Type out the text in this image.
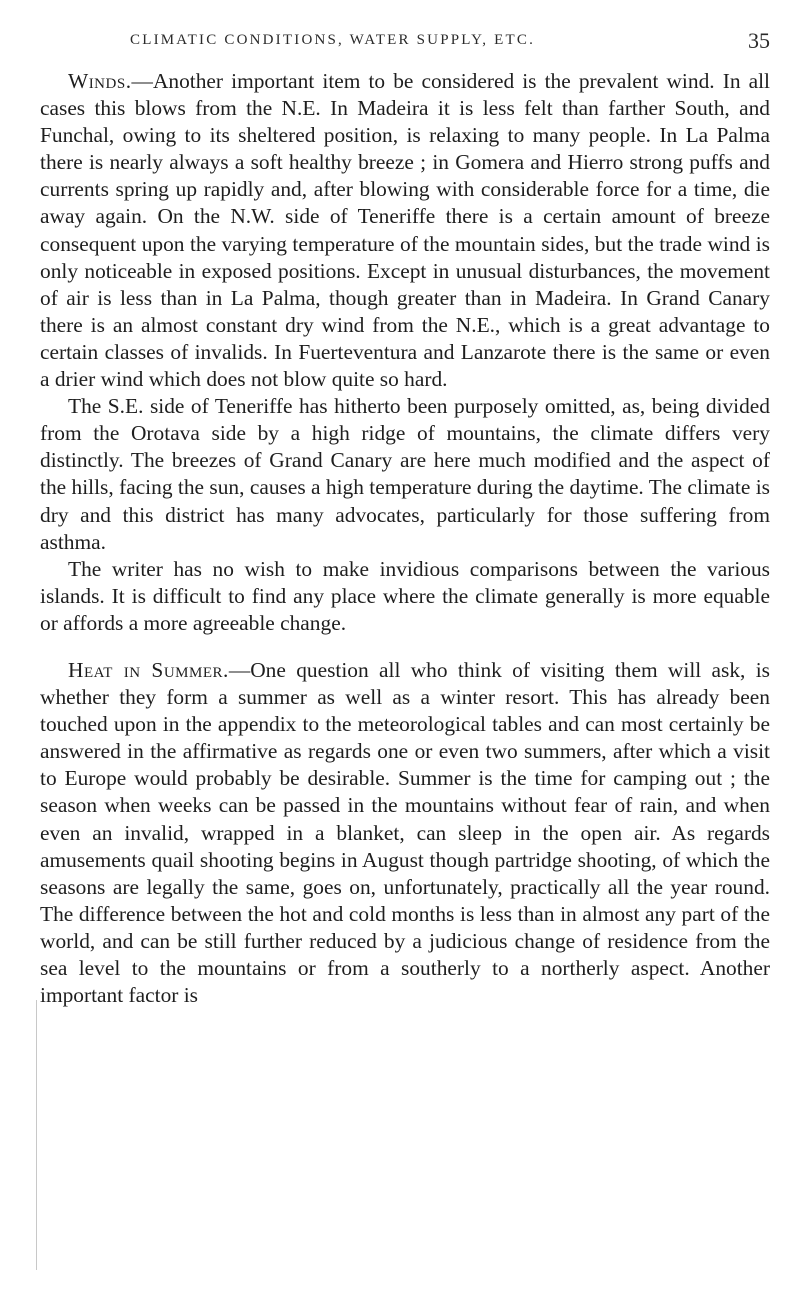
CLIMATIC CONDITIONS, WATER SUPPLY, ETC.	35

Winds.—Another important item to be considered is the prevalent wind. In all cases this blows from the N.E. In Madeira it is less felt than farther South, and Funchal, owing to its sheltered position, is relaxing to many people. In La Palma there is nearly always a soft healthy breeze ; in Gomera and Hierro strong puffs and currents spring up rapidly and, after blowing with considerable force for a time, die away again. On the N.W. side of Teneriffe there is a certain amount of breeze consequent upon the varying temperature of the mountain sides, but the trade wind is only noticeable in exposed positions. Except in unusual disturbances, the movement of air is less than in La Palma, though greater than in Madeira. In Grand Canary there is an almost constant dry wind from the N.E., which is a great advantage to certain classes of invalids. In Fuerteventura and Lanzarote there is the same or even a drier wind which does not blow quite so hard.

The S.E. side of Teneriffe has hitherto been purposely omitted, as, being divided from the Orotava side by a high ridge of mountains, the climate differs very distinctly. The breezes of Grand Canary are here much modified and the aspect of the hills, facing the sun, causes a high temperature during the daytime. The climate is dry and this district has many advocates, particularly for those suffering from asthma.

The writer has no wish to make invidious comparisons between the various islands. It is difficult to find any place where the climate generally is more equable or affords a more agreeable change.

Heat in Summer.—One question all who think of visiting them will ask, is whether they form a summer as well as a winter resort. This has already been touched upon in the appendix to the meteorological tables and can most certainly be answered in the affirmative as regards one or even two summers, after which a visit to Europe would probably be desirable. Summer is the time for camping out ; the season when weeks can be passed in the mountains without fear of rain, and when even an invalid, wrapped in a blanket, can sleep in the open air. As regards amusements quail shooting begins in August though partridge shooting, of which the seasons are legally the same, goes on, unfortunately, practically all the year round. The difference between the hot and cold months is less than in almost any part of the world, and can be still further reduced by a judicious change of residence from the sea level to the mountains or from a southerly to a northerly aspect. Another important factor is
